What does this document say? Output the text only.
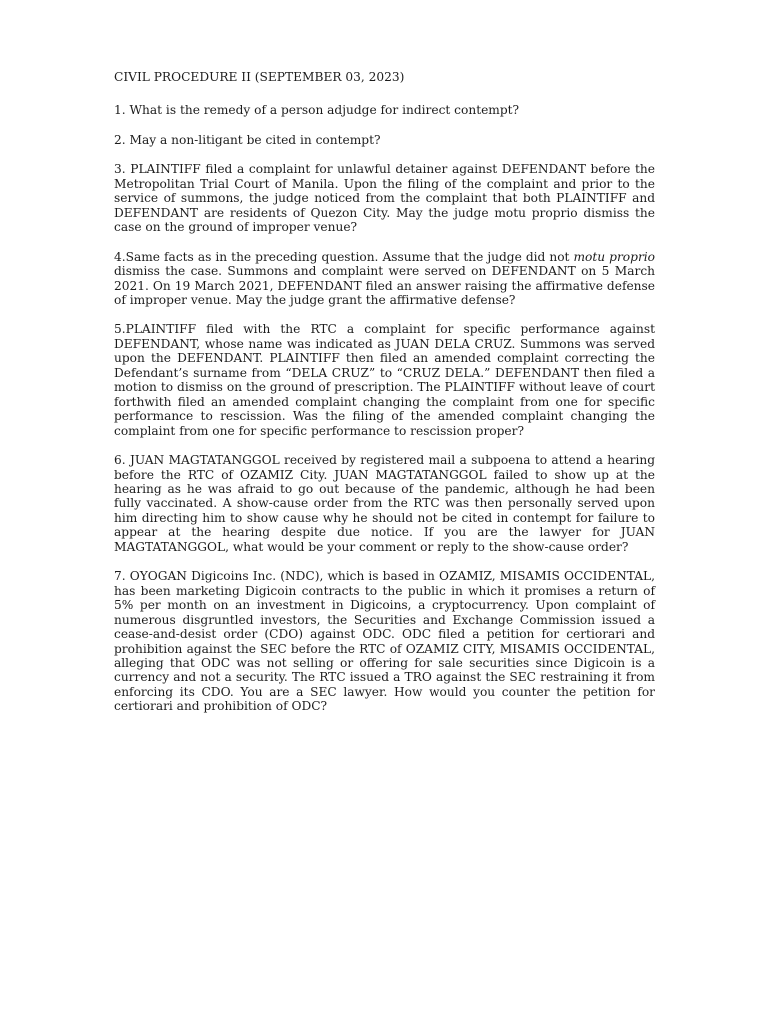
CIVIL PROCEDURE II (SEPTEMBER 03, 2023)

1. What is the remedy of a person adjudge for indirect contempt?

2. May a non-litigant be cited in contempt?

3. PLAINTIFF filed a complaint for unlawful detainer against DEFENDANT before the Metropolitan Trial Court of Manila. Upon the filing of the complaint and prior to the service of summons, the judge noticed from the complaint that both PLAINTIFF and DEFENDANT are residents of Quezon City. May the judge motu proprio dismiss the case on the ground of improper venue?

4.Same facts as in the preceding question. Assume that the judge did not motu proprio dismiss the case. Summons and complaint were served on DEFENDANT on 5 March 2021. On 19 March 2021, DEFENDANT filed an answer raising the affirmative defense of improper venue. May the judge grant the affirmative defense?

5.PLAINTIFF filed with the RTC a complaint for specific performance against DEFENDANT, whose name was indicated as JUAN DELA CRUZ. Summons was served upon the DEFENDANT. PLAINTIFF then filed an amended complaint correcting the Defendant’s surname from “DELA CRUZ” to “CRUZ DELA.” DEFENDANT then filed a motion to dismiss on the ground of prescription. The PLAINTIFF without leave of court forthwith filed an amended complaint changing the complaint from one for specific performance to rescission. Was the filing of the amended complaint changing the complaint from one for specific performance to rescission proper?

6. JUAN MAGTATANGGOL received by registered mail a subpoena to attend a hearing before the RTC of OZAMIZ City. JUAN MAGTATANGGOL failed to show up at the hearing as he was afraid to go out because of the pandemic, although he had been fully vaccinated. A show-cause order from the RTC was then personally served upon him directing him to show cause why he should not be cited in contempt for failure to appear at the hearing despite due notice. If you are the lawyer for JUAN MAGTATANGGOL, what would be your comment or reply to the show-cause order?

7. OYOGAN Digicoins Inc. (NDC), which is based in OZAMIZ, MISAMIS OCCIDENTAL, has been marketing Digicoin contracts to the public in which it promises a return of 5% per month on an investment in Digicoins, a cryptocurrency. Upon complaint of numerous disgruntled investors, the Securities and Exchange Commission issued a cease-and-desist order (CDO) against ODC. ODC filed a petition for certiorari and prohibition against the SEC before the RTC of OZAMIZ CITY, MISAMIS OCCIDENTAL, alleging that ODC was not selling or offering for sale securities since Digicoin is a currency and not a security. The RTC issued a TRO against the SEC restraining it from enforcing its CDO. You are a SEC lawyer. How would you counter the petition for certiorari and prohibition of ODC?
